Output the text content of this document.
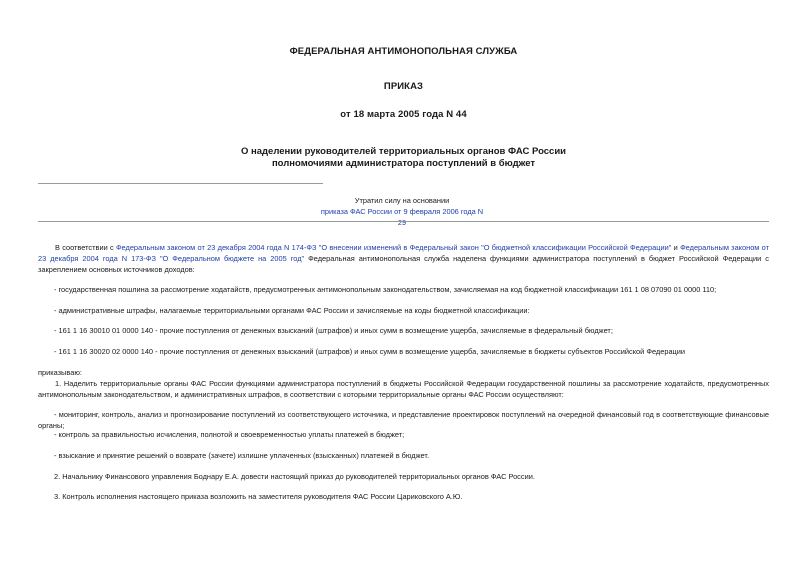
ФЕДЕРАЛЬНАЯ АНТИМОНОПОЛЬНАЯ СЛУЖБА
ПРИКАЗ
от 18 марта 2005 года N 44
О наделении руководителей территориальных органов ФАС России
полномочиями администратора поступлений в бюджет
Утратил силу на основании
приказа ФАС России от 9 февраля 2006 года N 29
В соответствии с Федеральным законом от 23 декабря 2004 года N 174-ФЗ "О внесении изменений в Федеральный закон "О бюджетной классификации Российской Федерации" и Федеральным законом от 23 декабря 2004 года N 173-ФЗ "О Федеральном бюджете на 2005 год" Федеральная антимонопольная служба наделена функциями администратора поступлений в бюджет Российской Федерации с закреплением основных источников доходов:
- государственная пошлина за рассмотрение ходатайств, предусмотренных антимонопольным законодательством, зачисляемая на код бюджетной классификации 161 1 08 07090 01 0000 110;
- административные штрафы, налагаемые территориальными органами ФАС России и зачисляемые на коды бюджетной классификации:
- 161 1 16 30010 01 0000 140 - прочие поступления от денежных взысканий (штрафов) и иных сумм в возмещение ущерба, зачисляемые в федеральный бюджет;
- 161 1 16 30020 02 0000 140 - прочие поступления от денежных взысканий (штрафов) и иных сумм в возмещение ущерба, зачисляемые в бюджеты субъектов Российской Федерации
приказываю:
1. Наделить территориальные органы ФАС России функциями администратора поступлений в бюджеты Российской Федерации государственной пошлины за рассмотрение ходатайств, предусмотренных антимонопольным законодательством, и административных штрафов, в соответствии с которыми территориальные органы ФАС России осуществляют:
- мониторинг, контроль, анализ и прогнозирование поступлений из соответствующего источника, и представление проектировок поступлений на очередной финансовый год в соответствующие финансовые органы;
- контроль за правильностью исчисления, полнотой и своевременностью уплаты платежей в бюджет;
- взыскание и принятие решений о возврате (зачете) излишне уплаченных (взысканных) платежей в бюджет.
2. Начальнику Финансового управления Боднару Е.А. довести настоящий приказ до руководителей территориальных органов ФАС России.
3. Контроль исполнения настоящего приказа возложить на заместителя руководителя ФАС России Цариковского А.Ю.
